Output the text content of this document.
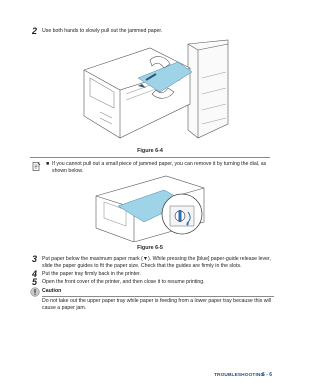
2 Use both hands to slowly pull out the jammed paper.
Figure 6-4
■ If you cannot pull out a small piece of jammed paper, you can remove it by turning the dial, as shown below.
Figure 6-5
3 Put paper below the maximum paper mark (▼). While pressing the [blue] paper-guide release lever, slide the paper guides to fit the paper size. Check that the guides are firmly in the slots.
4 Put the paper tray firmly back in the printer.
5 Open the front cover of the printer, and then close it to resume printing.
Caution
Do not take out the upper paper tray while paper is feeding from a lower paper tray because this will cause a paper jam.
TROUBLESHOOTING
6 - 6
